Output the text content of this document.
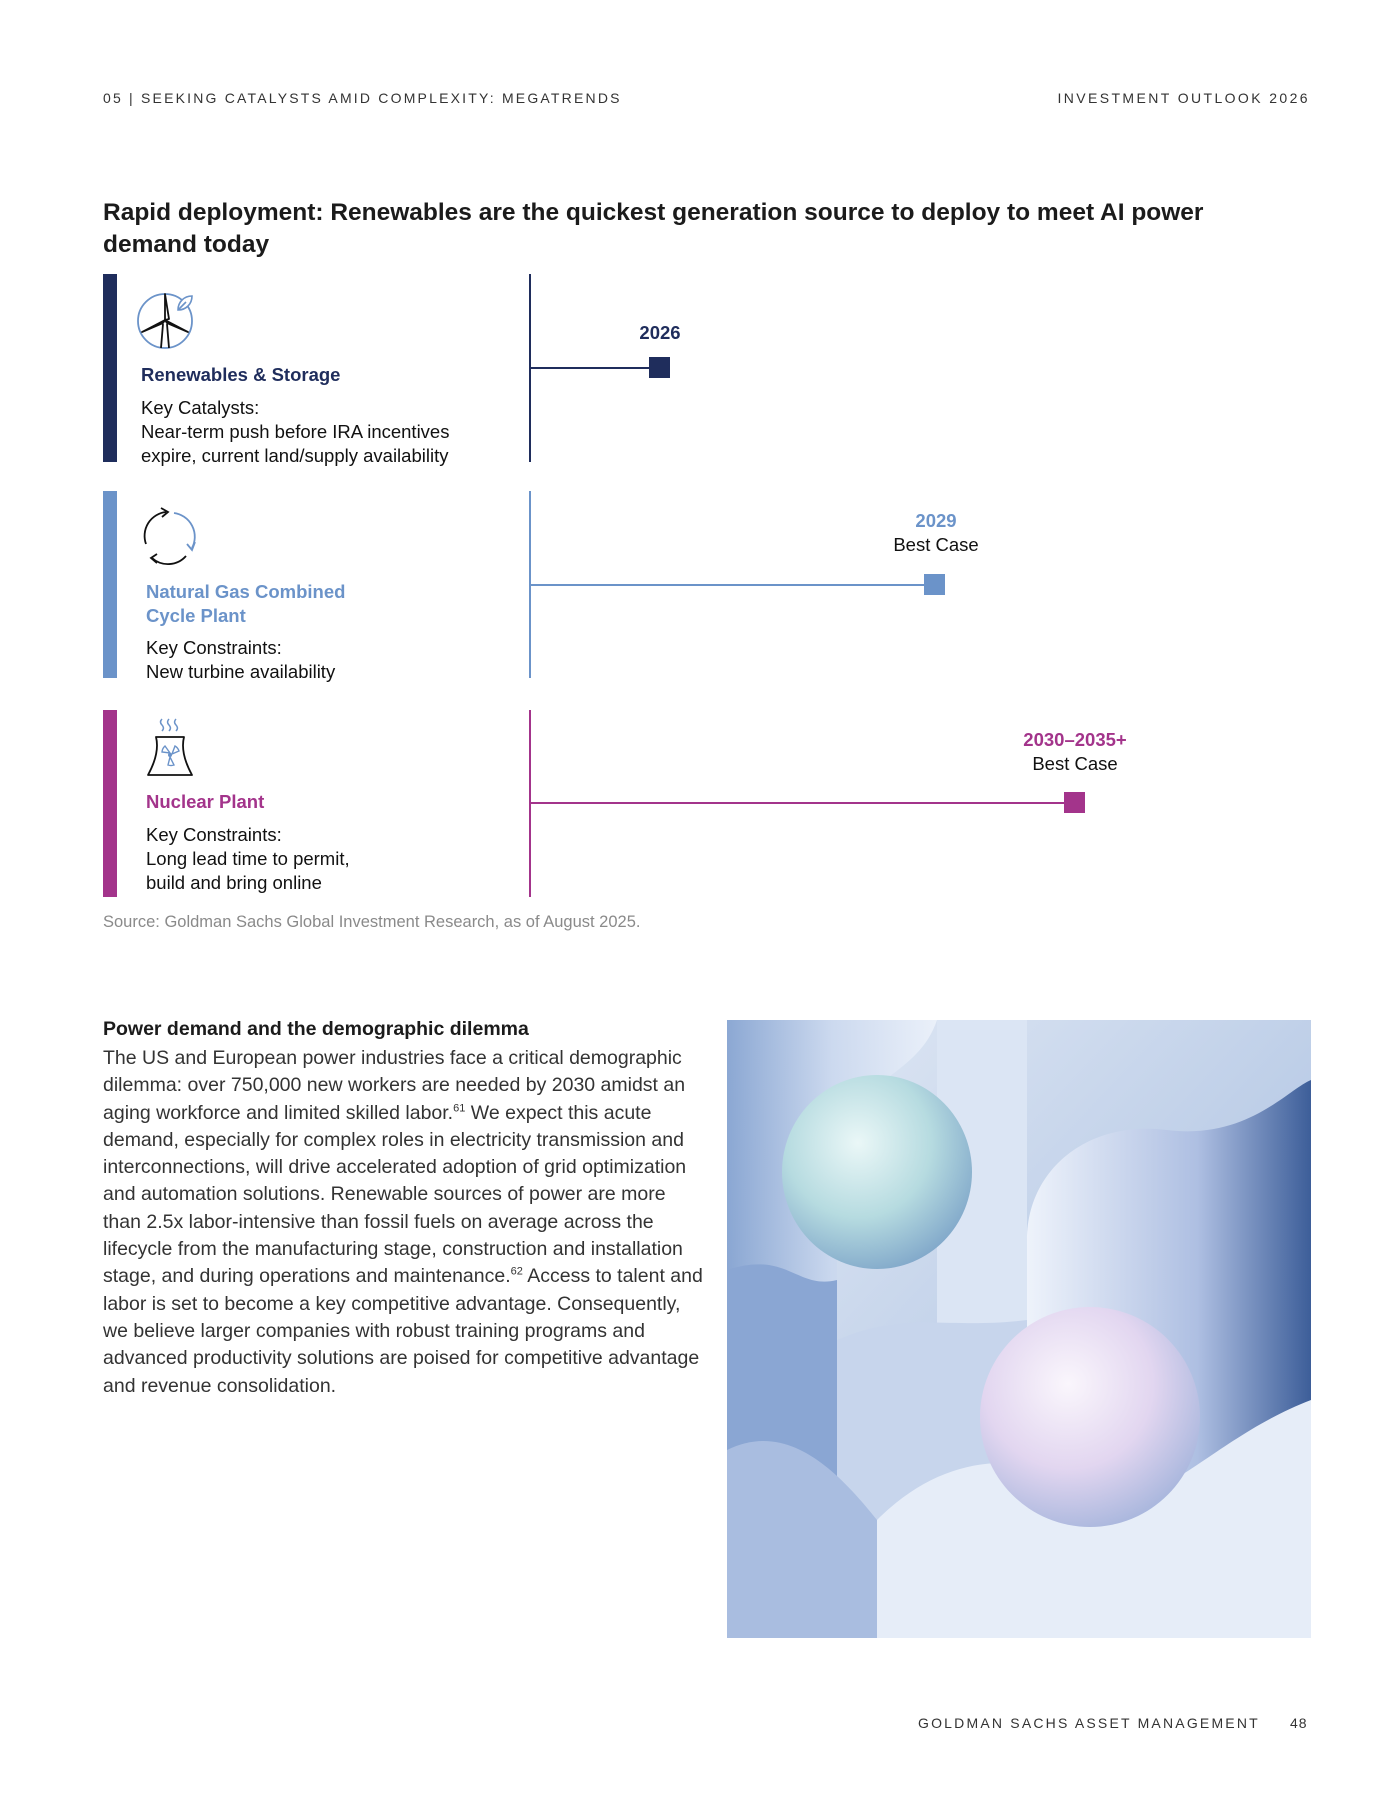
05 | SEEKING CATALYSTS AMID COMPLEXITY: MEGATRENDS	INVESTMENT OUTLOOK 2026
Rapid deployment: Renewables are the quickest generation source to deploy to meet AI power demand today
Renewables & Storage
Key Catalysts:
Near-term push before IRA incentives
expire, current land/supply availability
2026
Natural Gas Combined
Cycle Plant
Key Constraints:
New turbine availability
2029
Best Case
Nuclear Plant
Key Constraints:
Long lead time to permit,
build and bring online
2030–2035+
Best Case
Source: Goldman Sachs Global Investment Research, as of August 2025.
Power demand and the demographic dilemma
The US and European power industries face a critical demographic dilemma: over 750,000 new workers are needed by 2030 amidst an aging workforce and limited skilled labor.$^{61}$ We expect this acute demand, especially for complex roles in electricity transmission and interconnections, will drive accelerated adoption of grid optimization and automation solutions. Renewable sources of power are more than 2.5x labor-intensive than fossil fuels on average across the lifecycle from the manufacturing stage, construction and installation stage, and during operations and maintenance.$^{62}$ Access to talent and labor is set to become a key competitive advantage. Consequently, we believe larger companies with robust training programs and advanced productivity solutions are poised for competitive advantage and revenue consolidation.
GOLDMAN SACHS ASSET MANAGEMENT 48
